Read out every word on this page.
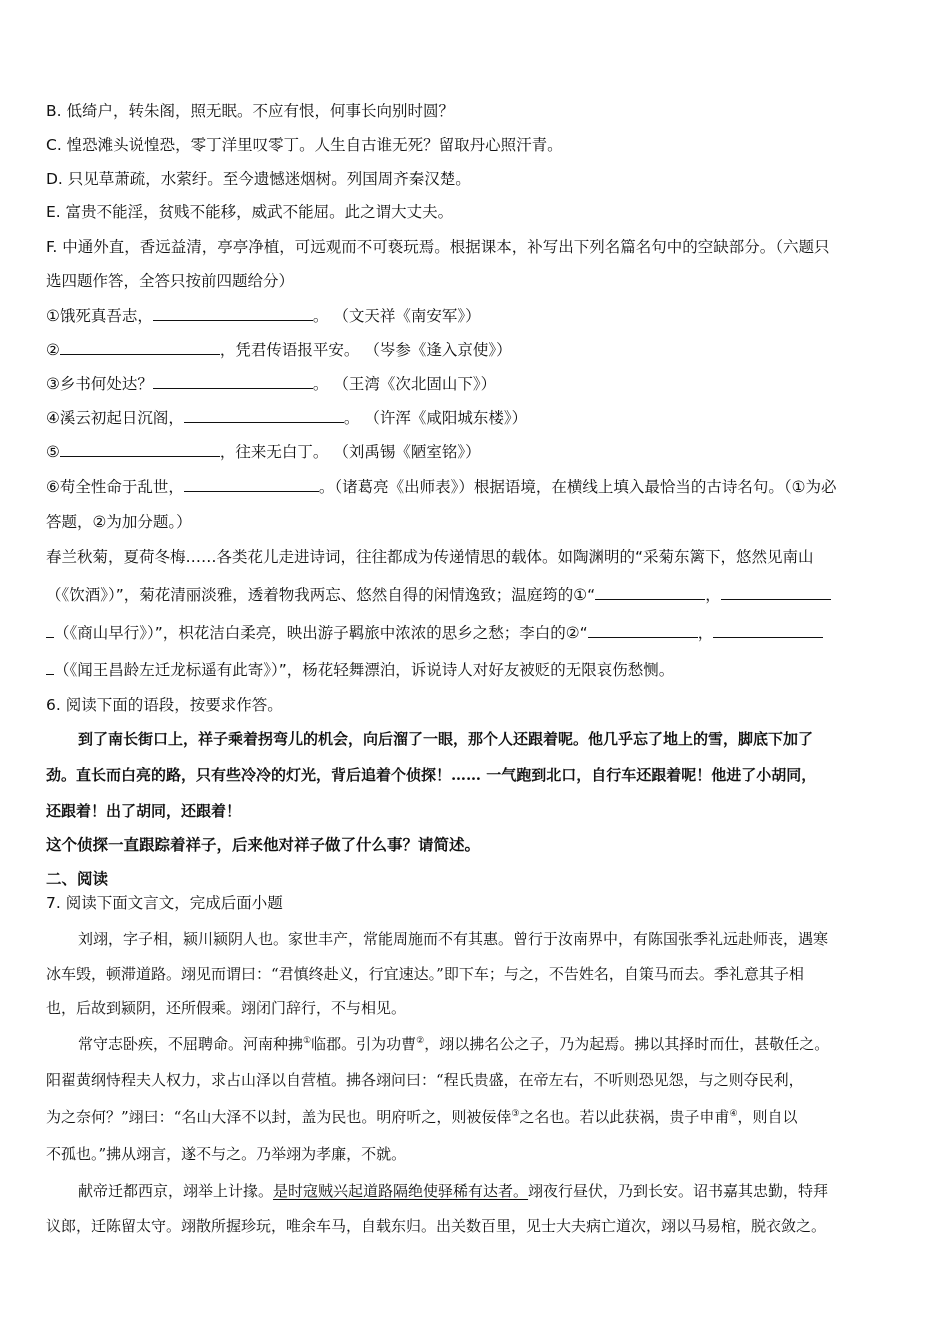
B. 低绮户，转朱阁，照无眠。不应有恨，何事长向别时圆？
C. 惶恐滩头说惶恐，零丁洋里叹零丁。人生自古谁无死？留取丹心照汗青。
D. 只见草萧疏，水萦纡。至今遗憾迷烟树。列国周齐秦汉楚。
E. 富贵不能淫，贫贱不能移，威武不能屈。此之谓大丈夫。
F. 中通外直，香远益清，亭亭净植，可远观而不可亵玩焉。根据课本，补写出下列名篇名句中的空缺部分。（六题只
选四题作答，全答只按前四题给分）
①饿死真吾志，	。 （文天祥《南安军》）
②	，凭君传语报平安。 （岑参《逢入京使》）
③乡书何处达？	。 （王湾《次北固山下》）
④溪云初起日沉阁，	。 （许浑《咸阳城东楼》）
⑤	，往来无白丁。 （刘禹锡《陋室铭》）
⑥苟全性命于乱世，	。（诸葛亮《出师表》）根据语境，在横线上填入最恰当的古诗名句。（①为必
答题，②为加分题。）
春兰秋菊，夏荷冬梅……各类花儿走进诗词，往往都成为传递情思的载体。如陶渊明的“采菊东篱下，悠然见南山
（《饮酒》）”，菊花清丽淡雅，透着物我两忘、悠然自得的闲情逸致；温庭筠的①“	，
（《商山早行》）”，枳花洁白柔亮，映出游子羁旅中浓浓的思乡之愁；李白的②“	，
（《闻王昌龄左迁龙标遥有此寄》）”，杨花轻舞漂泊，诉说诗人对好友被贬的无限哀伤愁恻。
6. 阅读下面的语段，按要求作答。
到了南长街口上，祥子乘着拐弯儿的机会，向后溜了一眼，那个人还跟着呢。他几乎忘了地上的雪，脚底下加了
劲。直长而白亮的路，只有些冷冷的灯光，背后追着个侦探！…… 一气跑到北口，自行车还跟着呢！他进了小胡同，
还跟着！出了胡同，还跟着！
这个侦探一直跟踪着祥子，后来他对祥子做了什么事？请简述。
二、阅读
7. 阅读下面文言文，完成后面小题
刘翊，字子相，颍川颍阴人也。家世丰产，常能周施而不有其惠。曾行于汝南界中，有陈国张季礼远赴师丧，遇寒
冰车毁，顿滞道路。翊见而谓曰：“君慎终赴义，行宜速达。”即下车；与之，不告姓名，自策马而去。季礼意其子相
也，后故到颍阴，还所假乘。翊闭门辞行，不与相见。
常守志卧疾，不屈聘命。河南种拂①临郡。引为功曹②，翊以拂名公之子，乃为起焉。拂以其择时而仕，甚敬任之。
阳翟黄纲恃程夫人权力，求占山泽以自营植。拂各翊问曰：“程氏贵盛，在帝左右，不听则恐见怨，与之则夺民利，
为之奈何？”翊曰：“名山大泽不以封，盖为民也。明府听之，则被佞倖③之名也。若以此获祸，贵子申甫④，则自以
不孤也。”拂从翊言，遂不与之。乃举翊为孝廉，不就。
献帝迁都西京，翊举上计掾。是时寇贼兴起道路隔绝使驿稀有达者。翊夜行昼伏，乃到长安。诏书嘉其忠勤，特拜
议郎，迁陈留太守。翊散所握珍玩，唯余车马，自载东归。出关数百里，见士大夫病亡道次，翊以马易棺，脱衣敛之。
